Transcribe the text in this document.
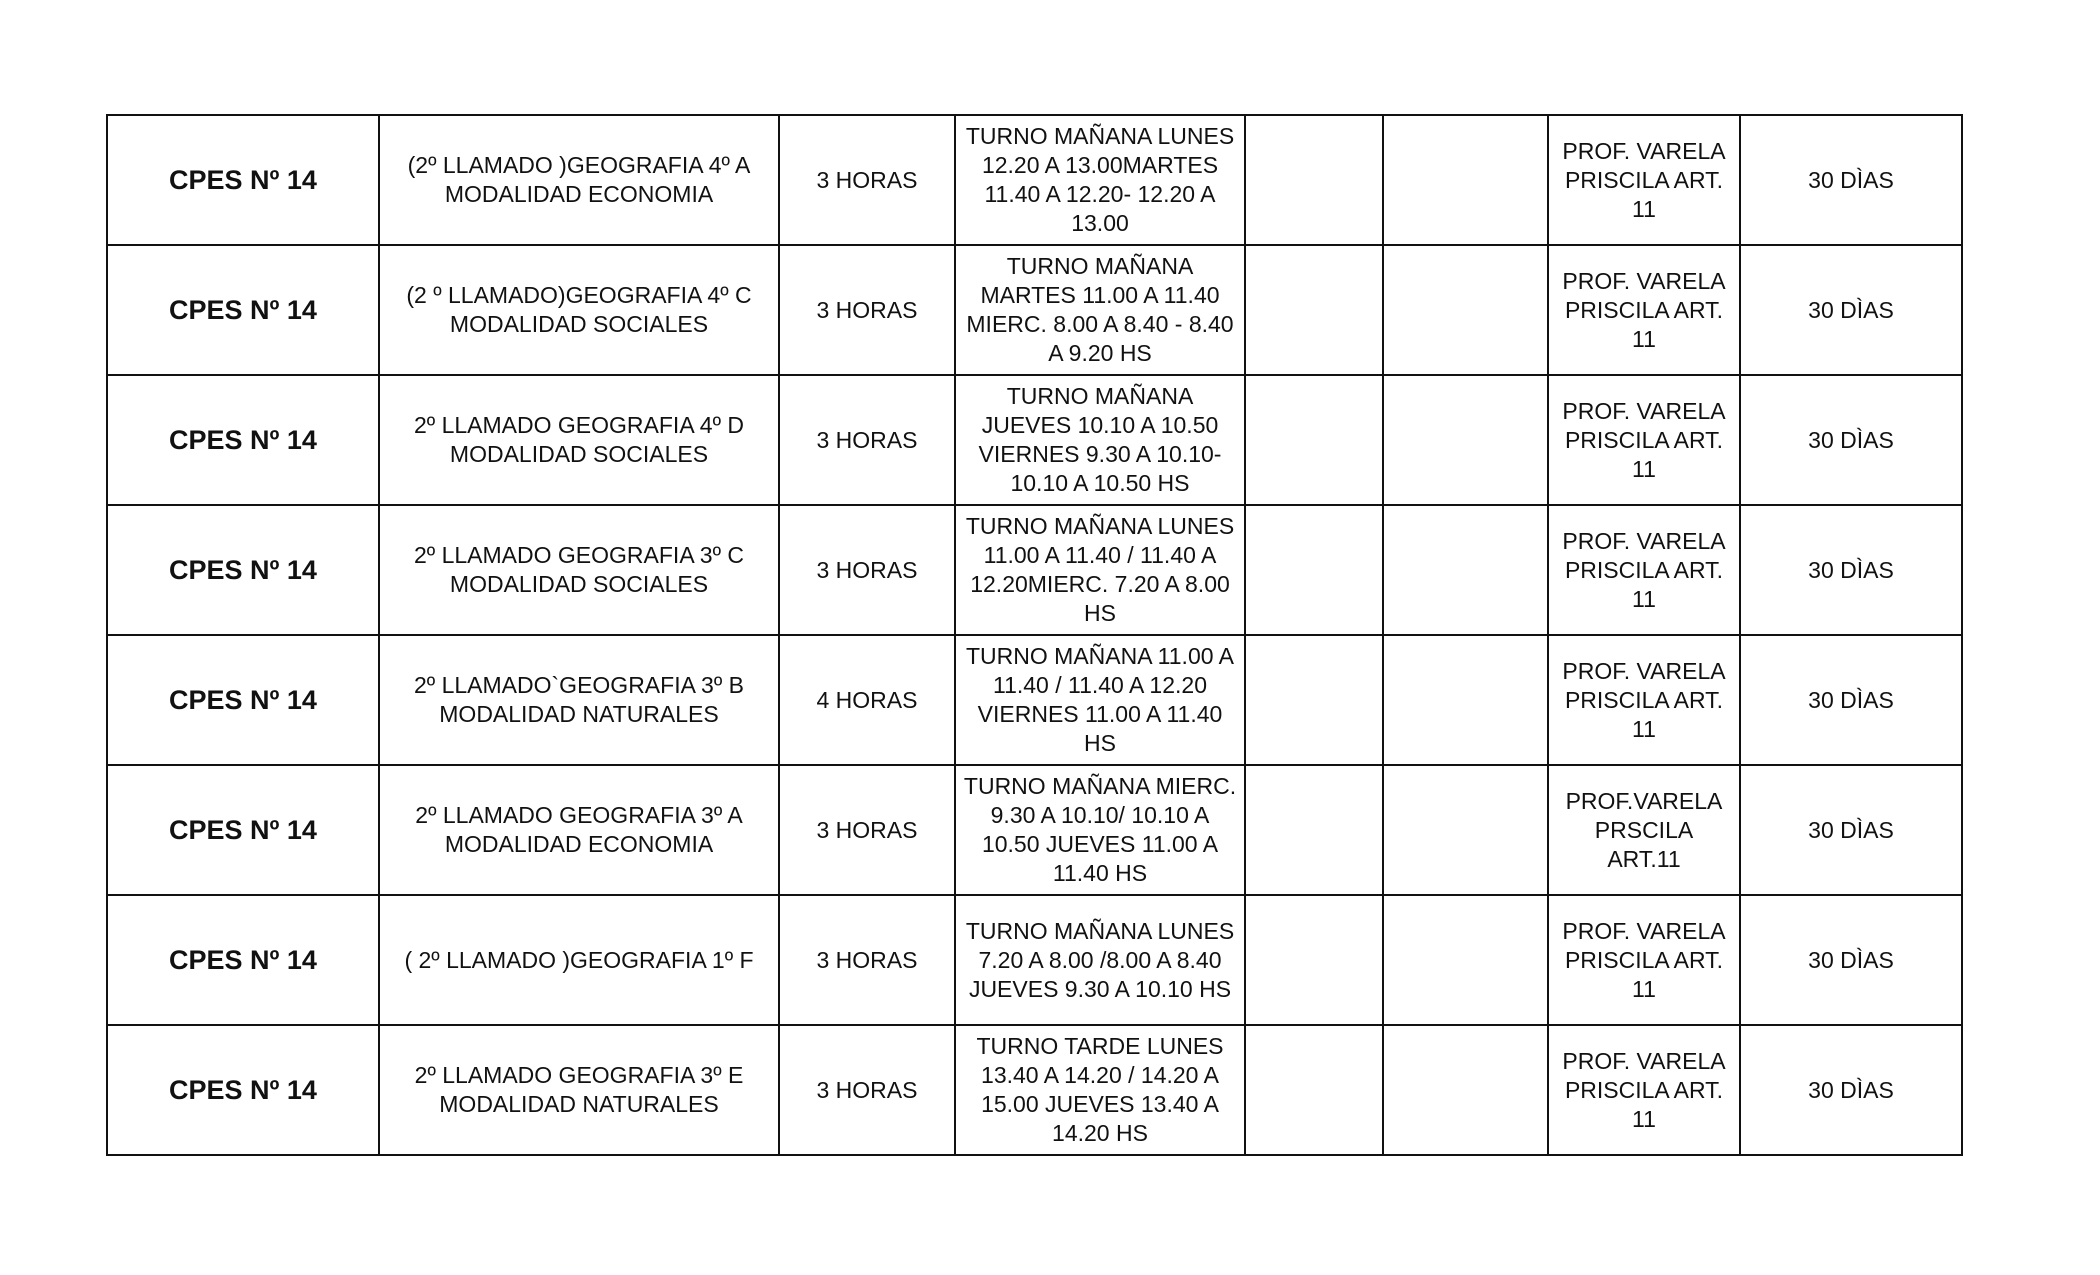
CPES Nº 14	(2º LLAMADO )GEOGRAFIA 4º A MODALIDAD ECONOMIA	3 HORAS	TURNO MAÑANA LUNES 12.20 A 13.00MARTES 11.40 A 12.20- 12.20 A 13.00			PROF. VARELA PRISCILA ART. 11	30 DÌAS
CPES Nº 14	(2 º LLAMADO)GEOGRAFIA 4º C MODALIDAD SOCIALES	3 HORAS	TURNO MAÑANA MARTES 11.00 A 11.40 MIERC. 8.00 A 8.40 - 8.40 A 9.20 HS			PROF. VARELA PRISCILA ART. 11	30 DÌAS
CPES Nº 14	2º LLAMADO GEOGRAFIA 4º D MODALIDAD SOCIALES	3 HORAS	TURNO MAÑANA JUEVES 10.10 A 10.50 VIERNES 9.30 A 10.10- 10.10 A 10.50 HS			PROF. VARELA PRISCILA ART. 11	30 DÌAS
CPES Nº 14	2º LLAMADO GEOGRAFIA 3º C MODALIDAD SOCIALES	3 HORAS	TURNO MAÑANA LUNES 11.00 A 11.40 / 11.40 A 12.20MIERC. 7.20 A 8.00 HS			PROF. VARELA PRISCILA ART. 11	30 DÌAS
CPES Nº 14	2º LLAMADO`GEOGRAFIA 3º B MODALIDAD NATURALES	4 HORAS	TURNO MAÑANA 11.00 A 11.40 / 11.40 A 12.20 VIERNES 11.00 A 11.40 HS			PROF. VARELA PRISCILA ART. 11	30 DÌAS
CPES Nº 14	2º LLAMADO GEOGRAFIA 3º A MODALIDAD ECONOMIA	3 HORAS	TURNO MAÑANA MIERC. 9.30 A 10.10/ 10.10 A 10.50 JUEVES 11.00 A 11.40 HS			PROF.VARELA PRSCILA ART.11	30 DÌAS
CPES Nº 14	( 2º LLAMADO )GEOGRAFIA 1º F	3 HORAS	TURNO MAÑANA LUNES 7.20 A 8.00 /8.00 A 8.40 JUEVES 9.30 A 10.10 HS			PROF. VARELA PRISCILA ART. 11	30 DÌAS
CPES Nº 14	2º LLAMADO GEOGRAFIA 3º E MODALIDAD NATURALES	3 HORAS	TURNO TARDE LUNES 13.40 A 14.20 / 14.20 A 15.00 JUEVES 13.40 A 14.20 HS			PROF. VARELA PRISCILA ART. 11	30 DÌAS
